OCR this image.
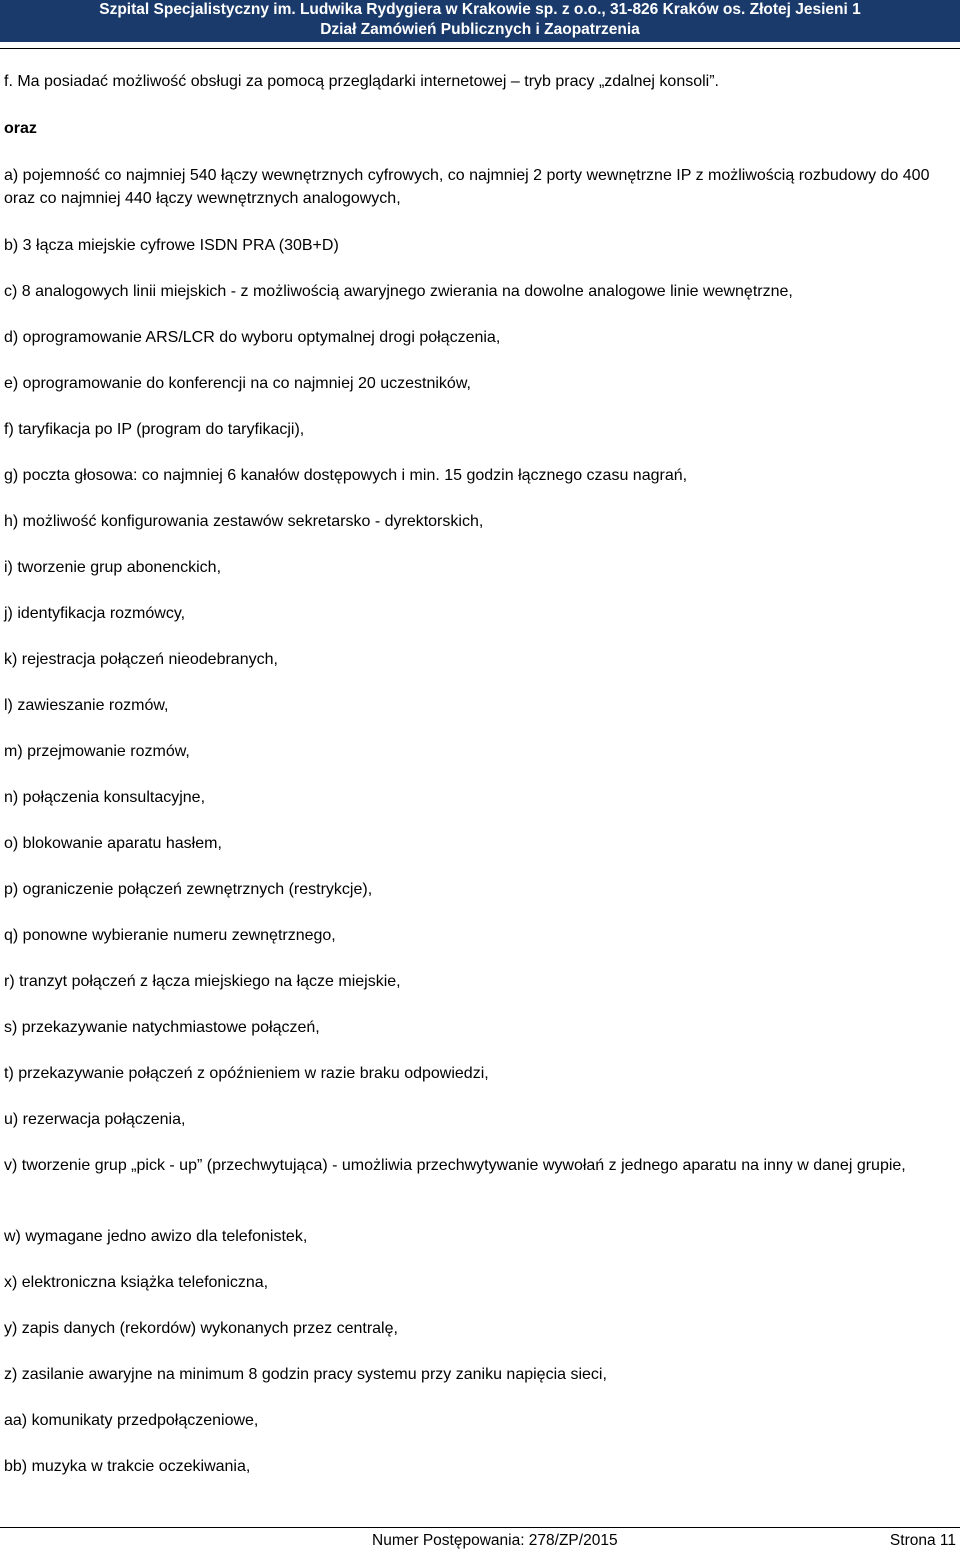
Szpital Specjalistyczny im. Ludwika Rydygiera w Krakowie sp. z o.o., 31-826 Kraków os. Złotej Jesieni 1
Dział Zamówień Publicznych i Zaopatrzenia

f. Ma posiadać możliwość obsługi za pomocą przeglądarki internetowej – tryb pracy „zdalnej konsoli”.

oraz

a) pojemność co najmniej 540 łączy wewnętrznych cyfrowych, co najmniej 2 porty wewnętrzne IP z możliwością rozbudowy do 400 oraz co najmniej 440 łączy wewnętrznych analogowych,

b) 3 łącza miejskie cyfrowe ISDN PRA (30B+D)

c) 8 analogowych linii miejskich - z możliwością awaryjnego zwierania na dowolne analogowe linie wewnętrzne,

d) oprogramowanie ARS/LCR do wyboru optymalnej drogi połączenia,

e) oprogramowanie do konferencji na co najmniej 20 uczestników,

f) taryfikacja po IP (program do taryfikacji),

g) poczta głosowa: co najmniej 6 kanałów dostępowych i min. 15 godzin łącznego czasu nagrań,

h) możliwość konfigurowania zestawów sekretarsko - dyrektorskich,

i) tworzenie grup abonenckich,

j) identyfikacja rozmówcy,

k) rejestracja połączeń nieodebranych,

l) zawieszanie rozmów,

m) przejmowanie rozmów,

n) połączenia konsultacyjne,

o) blokowanie aparatu hasłem,

p) ograniczenie połączeń zewnętrznych (restrykcje),

q) ponowne wybieranie numeru zewnętrznego,

r) tranzyt połączeń z łącza miejskiego na łącze miejskie,

s) przekazywanie natychmiastowe połączeń,

t) przekazywanie połączeń z opóźnieniem w razie braku odpowiedzi,

u) rezerwacja połączenia,

v) tworzenie grup „pick - up” (przechwytująca) - umożliwia przechwytywanie wywołań z jednego aparatu na inny w danej grupie,

w) wymagane jedno awizo dla telefonistek,

x) elektroniczna książka telefoniczna,

y) zapis danych (rekordów) wykonanych przez centralę,

z) zasilanie awaryjne na minimum 8 godzin pracy systemu przy zaniku napięcia sieci,

aa) komunikaty przedpołączeniowe,

bb) muzyka w trakcie oczekiwania,

Numer Postępowania: 278/ZP/2015	Strona 11
